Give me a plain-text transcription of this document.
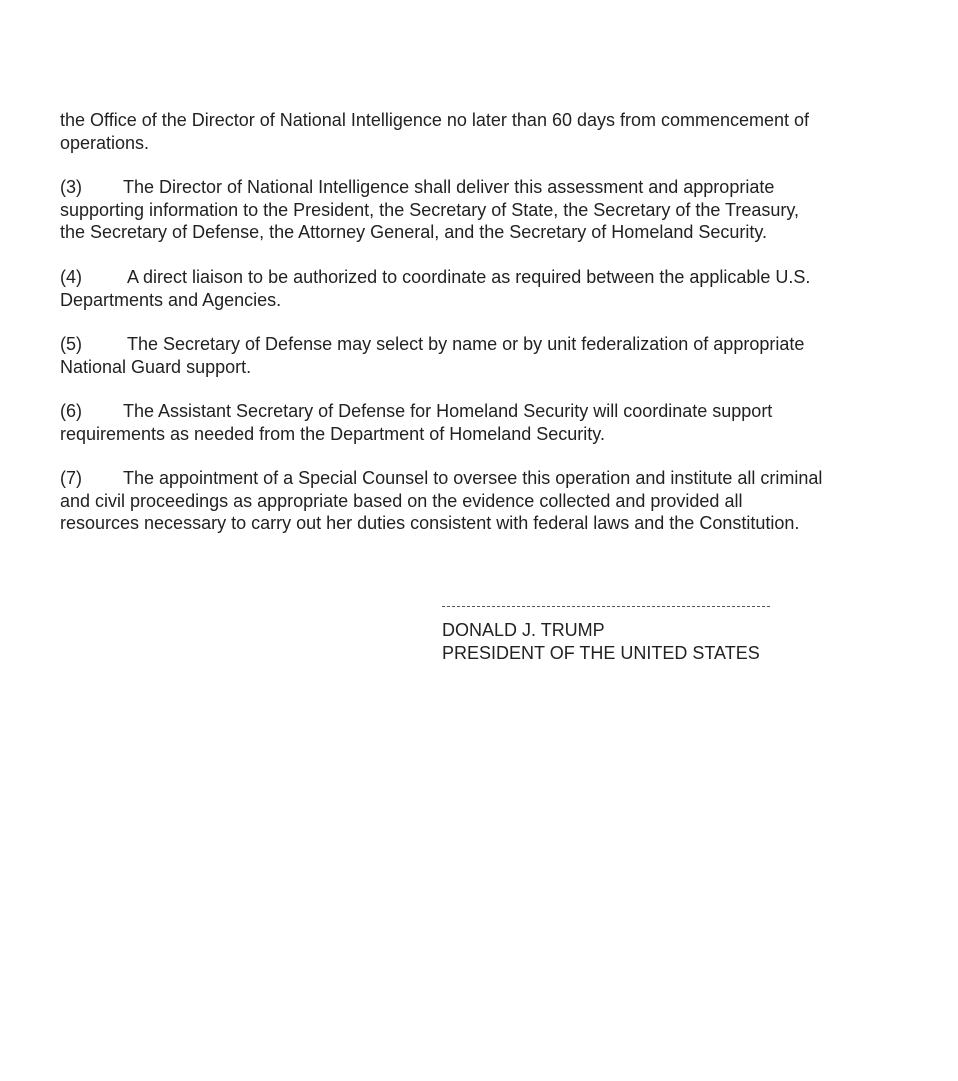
the Office of the Director of National Intelligence no later than 60 days from commencement of
operations.
(3) The Director of National Intelligence shall deliver this assessment and appropriate
supporting information to the President, the Secretary of State, the Secretary of the Treasury,
the Secretary of Defense, the Attorney General, and the Secretary of Homeland Security.
(4)	A direct liaison to be authorized to coordinate as required between the applicable U.S.
Departments and Agencies.
(5)	The Secretary of Defense may select by name or by unit federalization of appropriate
National Guard support.
(6) The Assistant Secretary of Defense for Homeland Security will coordinate support
requirements as needed from the Department of Homeland Security.
(7) The appointment of a Special Counsel to oversee this operation and institute all criminal
and civil proceedings as appropriate based on the evidence collected and provided all
resources necessary to carry out her duties consistent with federal laws and the Constitution.
DONALD J. TRUMP
PRESIDENT OF THE UNITED STATES
